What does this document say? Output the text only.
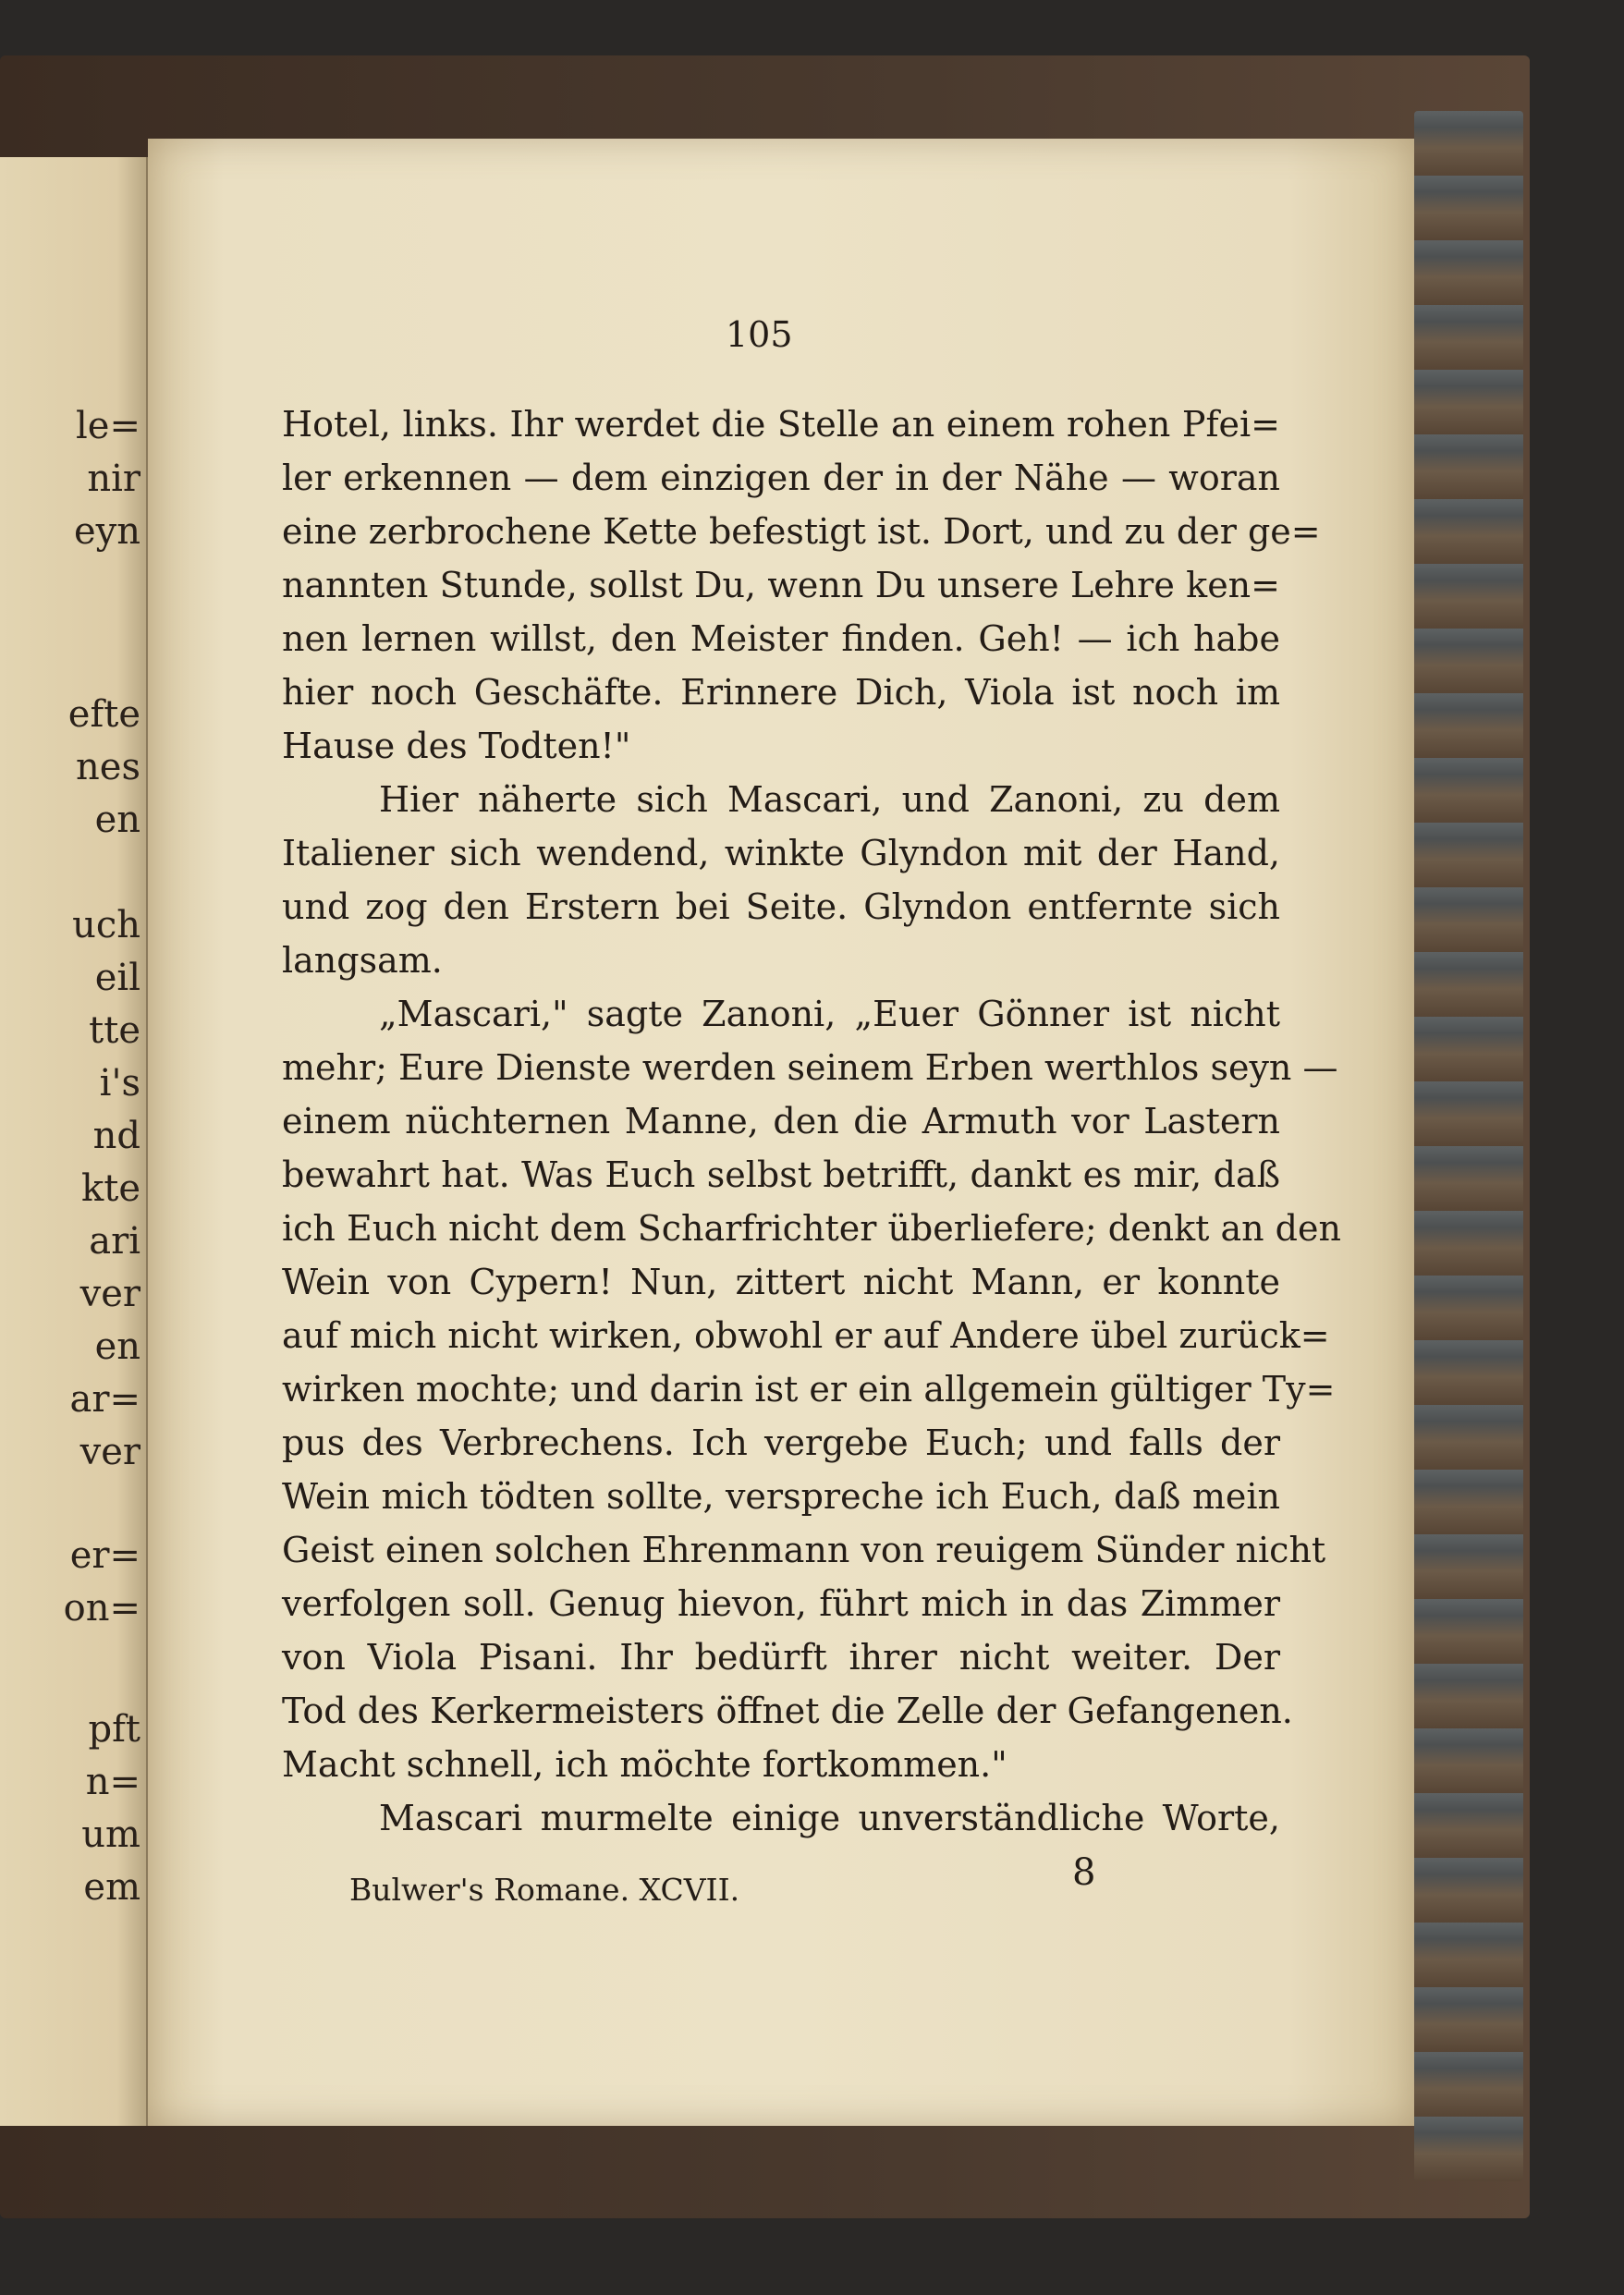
le=
nir
eyn
efte
nes
en
uch
eil
tte
i's
nd
kte
ari
ver
en
ar=
ver
er=
on=
pft
n=
um
em
105
Hotel, links. Ihr werdet die Stelle an einem rohen Pfei=
ler erkennen — dem einzigen der in der Nähe — woran
eine zerbrochene Kette befestigt ist. Dort, und zu der ge=
nannten Stunde, sollst Du, wenn Du unsere Lehre ken=
nen lernen willst, den Meister finden. Geh! — ich habe
hier noch Geschäfte. Erinnere Dich, Viola ist noch im
Hause des Todten!"
Hier näherte sich Mascari, und Zanoni, zu dem
Italiener sich wendend, winkte Glyndon mit der Hand,
und zog den Erstern bei Seite. Glyndon entfernte sich
langsam.
„Mascari," sagte Zanoni, „Euer Gönner ist nicht
mehr; Eure Dienste werden seinem Erben werthlos seyn —
einem nüchternen Manne, den die Armuth vor Lastern
bewahrt hat. Was Euch selbst betrifft, dankt es mir, daß
ich Euch nicht dem Scharfrichter überliefere; denkt an den
Wein von Cypern! Nun, zittert nicht Mann, er konnte
auf mich nicht wirken, obwohl er auf Andere übel zurück=
wirken mochte; und darin ist er ein allgemein gültiger Ty=
pus des Verbrechens. Ich vergebe Euch; und falls der
Wein mich tödten sollte, verspreche ich Euch, daß mein
Geist einen solchen Ehrenmann von reuigem Sünder nicht
verfolgen soll. Genug hievon, führt mich in das Zimmer
von Viola Pisani. Ihr bedürft ihrer nicht weiter. Der
Tod des Kerkermeisters öffnet die Zelle der Gefangenen.
Macht schnell, ich möchte fortkommen."
Mascari murmelte einige unverständliche Worte,
Bulwer's Romane. XCVII.	8
